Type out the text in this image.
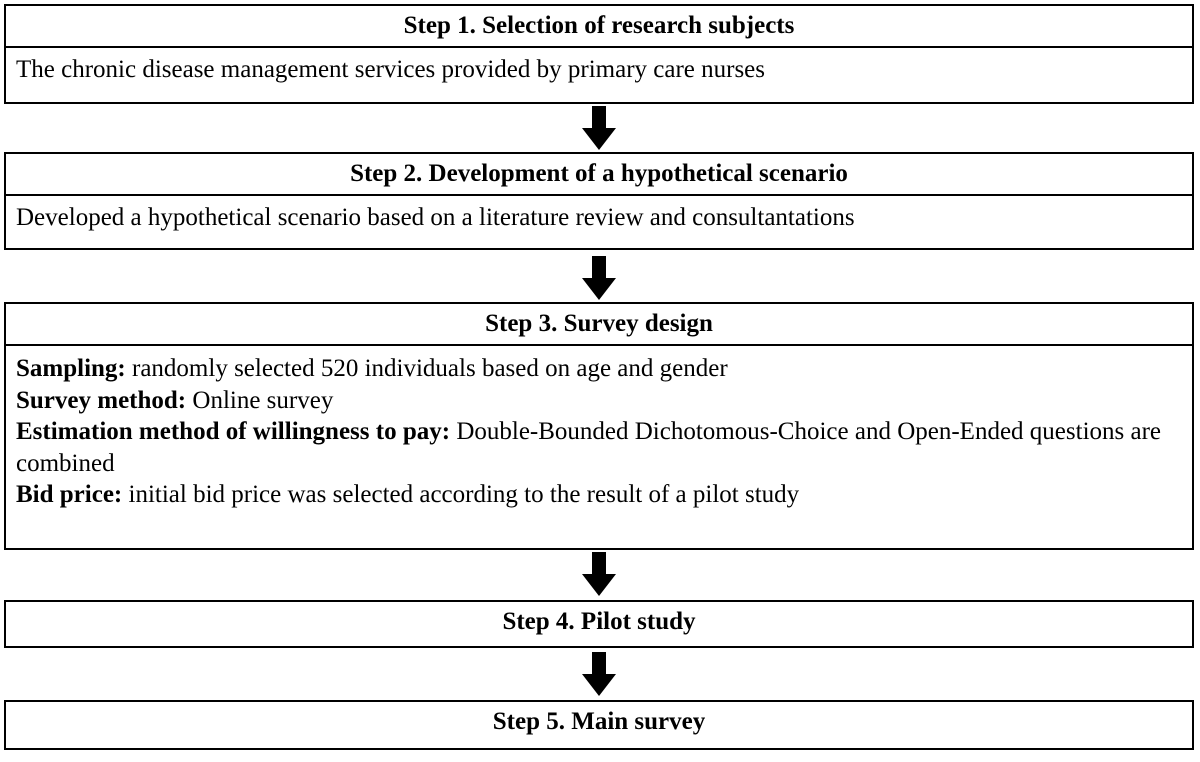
Step 1. Selection of research subjects
The chronic disease management services provided by primary care nurses
Step 2. Development of a hypothetical scenario
Developed a hypothetical scenario based on a literature review and consultantations
Step 3. Survey design
Sampling: randomly selected 520 individuals based on age and gender
Survey method: Online survey
Estimation method of willingness to pay: Double-Bounded Dichotomous-Choice and Open-Ended questions are combined
Bid price: initial bid price was selected according to the result of a pilot study
Step 4. Pilot study
Step 5. Main survey
